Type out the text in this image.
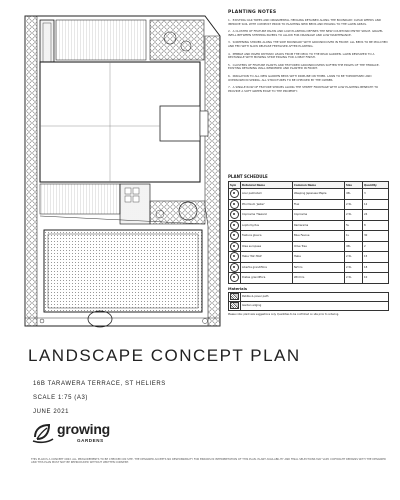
PLANTING NOTES
1. EXISTING OAK TREES AND ORNAMENTAL HEDGING RETAINED ALONG THE BOUNDARY. CLEAR WEEDS AND IMPROVE SOIL WITH COMPOST PRIOR TO PLANTING NEW BEDS AND EDGING TO THE LAWN AREAS.
2. A CLUSTER OF FEATURE PALMS AND LOW PLANTING DEFINES THE NEW COURTYARD ENTRY SPACE. GRAVEL INFILL BETWEEN STEPPING PAVERS TO ALLOW FOR DRAINAGE AND LOW MAINTENANCE.
3. SCREENING SHRUBS ALONG THE SIDE BOUNDARY WITH GROUNDCOVER IN FRONT. ALL BEDS TO BE MULCHED AND FED WITH SLOW RELEASE FERTILISER AFTER PLANTING.
4. PEBBLE AND PAVER PATHWAY LEADS FROM THE DECK TO THE REAR GARDEN. LAWN RESHAPED TO A RECTANGLE WITH MOWING STRIP EDGING FOR A NEAT FINISH.
5. CLUSTERS OF FEATURE PLANTS AND TEXTURED GROUNDCOVERS SOFTEN THE EDGES OF THE TERRACE. EXISTING RETAINING WALL RENDERED AND PLANTED IN FRONT.
6. IRRIGATION TO ALL NEW GARDEN BEDS WITH DRIPLINE ON TIMER. LAWN TO BE TOPDRESSED AND OVERSOWN IN SPRING. ALL STRUCTURES TO BE CHECKED BY THE OWNER.
7. A SINGLE ROW OF FEATURE SHRUBS ALONG THE STREET FRONTAGE WITH LOW PLANTING BENEATH TO PROVIDE A SOFT GREEN EDGE TO THE PROPERTY.
PLANT SCHEDULE
Sym	Botanical Name	Common Name	Size	Quantity
	Acer palmatum	Weeping Japanese Maple	45L	3
	Phormium 'Jester'	Flax	2.5L	12
	Coprosma 'Hawera'	Coprosma	2.5L	24
	Lophomyrtus	Ramarama	5L	8
	Festuca glauca	Blue Fescue	1L	30
	Olea europaea	Olive Tree	45L	2
	Hebe 'Wiri Mist'	Hebe	2.5L	15
	Libertia grandiflora	NZ Iris	2.5L	18
	Dietes grandiflora	Wild Iris	2.5L	10
Materials
	Pebble & paver path
	Garden edging
Please note: plant size suggestions only. Quantities to be confirmed on site prior to ordering.
LANDSCAPE CONCEPT PLAN
16B TARAWERA TERRACE, ST HELIERS
SCALE 1:75 (A3)
JUNE 2021
growing
GARDENS
THIS PLAN IS A CONCEPT ONLY. ALL MEASUREMENTS TO BE CHECKED ON SITE. THE DESIGNER ACCEPTS NO RESPONSIBILITY FOR ERRORS IN INTERPRETATION OF THIS PLAN. PLANT AVAILABILITY AND FINAL SELECTIONS MAY VARY. COPYRIGHT REMAINS WITH THE DESIGNER AND THIS PLAN MUST NOT BE REPRODUCED WITHOUT WRITTEN CONSENT.
